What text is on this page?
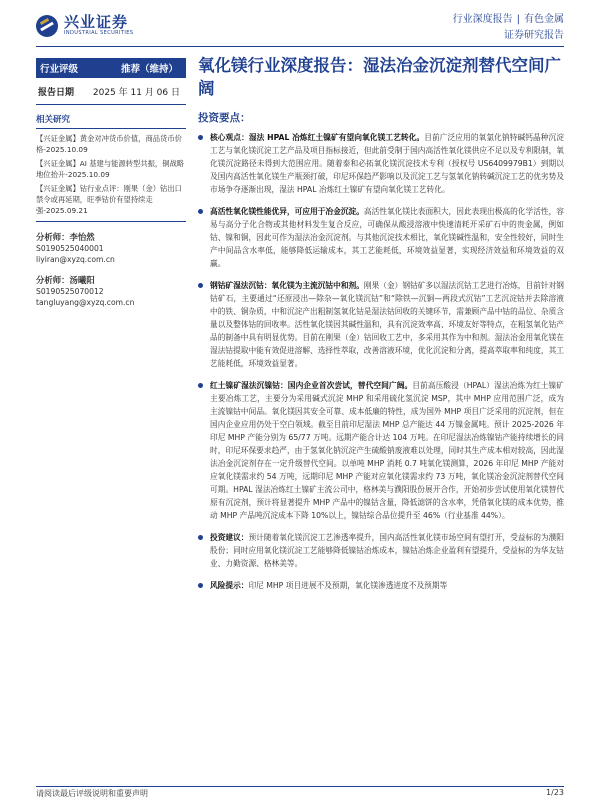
兴业证券
INDUSTRIAL SECURITIES
行业深度报告 | 有色金属
证券研究报告
行业评级	推荐（维持）
报告日期	2025 年 11 月 06 日
相关研究
【兴证金属】黄金对冲货币价值，商品货币价格-2025.10.09
【兴证金属】AI 基建与能源转型共振，铜战略地位抬升-2025.10.09
【兴证金属】钴行业点评：刚果（金）钴出口禁令或再延期，旺季钴价有望持续走强-2025.09.21
分析师：李怡然
S0190525040001
liyiran@xyzq.com.cn
分析师：汤曦阳
S0190525070012
tangluyang@xyzq.com.cn
氧化镁行业深度报告：湿法冶金沉淀剂替代空间广阔
投资要点：
核心观点：湿法 HPAL 冶炼红土镍矿有望向氧化镁工艺转化。目前广泛应用的氧氯化钠特碱钙晶种沉淀工艺与氧化镁沉淀工艺产品及项目指标接近，但此前受制于国内高活性氧化镁供应不足以及专利限制，氧化镁沉淀路径未得到大范围应用。随着泰和必拓氧化镁沉淀技术专利（授权号 US6409979B1）到期以及国内高活性氧化镁生产瓶颈打破，印尼环保趋严影响以及沉淀工艺与氢氧化钠转碱沉淀工艺的优劣势及市场争夺逐渐出现，湿法 HPAL 冶炼红土镍矿有望向氧化镁工艺转化。
高活性氧化镁性能优异，可应用于冶金沉淀。高活性氧化镁比表面积大，因此表现出极高的化学活性，容易与高分子化合物或其他材料发生复合反应，可确保从酸浸溶液中快速清耗开采矿石中的贵金属，例如钴、镍和铜，因此可作为湿法冶金沉淀剂。与其他沉淀技术相比，氧化镁碱性温和，安全性较好，同时生产中间品含水率低，能够降低运输成本，其工艺能耗低，环境效益显著，实现经济效益和环境效益的双赢。
钢钴矿湿法沉钴：氧化镁为主流沉钴中和剂。刚果（金）钢钴矿多以湿法沉钴工艺进行冶炼，目前针对钢钴矿石，主要通过“还原浸出—除杂—氧化镁沉钴”和“除铁—沉铜—两段式沉钴”工艺沉淀钴并去除溶液中的铁、铜杂质，中和沉淀产出粗制氢氧化钴是湿法钴回收的关键环节，需兼顾产品中钴的品位、杂质含量以及整体钴的回收率。活性氧化镁因其碱性温和，具有沉淀效率高、环境友好等特点，在粗氢氧化钴产品的制备中具有明显优势。目前在刚果（金）钴回收工艺中，多采用其作为中和剂。湿法冶金用氧化镁在湿法钴提取中能有效促进溶解、选择性萃取，改善溶液环境，优化沉淀和分离，提高萃取率和纯度，其工艺能耗低，环境效益显著。
红土镍矿湿法沉镍钴：国内企业首次尝试，替代空间广阔。目前高压酸浸（HPAL）湿法冶炼为红土镍矿主要冶炼工艺，主要分为采用碱式沉淀 MHP 和采用硫化氢沉淀 MSP，其中 MHP 应用范围广泛，成为主流镍钴中间品。氧化镁因其安全可靠、成本低廉的特性，成为国外 MHP 项目广泛采用的沉淀剂，但在国内企业应用仍处于空白领域。截至目前印尼湿法 MHP 总产能达 44 万镍金属吨。预计 2025-2026 年印尼 MHP 产能分别为 65/77 万吨。远期产能合计达 104 万吨。在印尼湿法冶炼镍钴产能持续增长的同时，印尼环保要求趋严，由于氢氧化钠沉淀产生硫酸钠废液难以处理，同时其生产成本相对较高，因此湿法冶金沉淀剂存在一定升级替代空间。以单吨 MHP 消耗 0.7 吨氧化镁测算，2026 年印尼 MHP 产能对应氧化镁需求约 54 万吨，远期印尼 MHP 产能对应氧化镁需求约 73 万吨，氧化镁冶金沉淀剂替代空间可期。HPAL 湿法冶炼红土镍矿主流公司中，格林美与濮阳股份展开合作，开始初步尝试使用氧化镁替代原有沉淀剂，预计将显著提升 MHP 产品中的镍钴含量，降低滤饼的含水率，凭借氧化镁的成本优势，推动 MHP 产品吨沉淀成本下降 10%以上，镍钴综合品位提升至 46%（行业基准 44%）。
投资建议：预计随着氧化镁沉淀工艺渗透率提升，国内高活性氧化镁市场空间有望打开，受益标的为濮阳股份；同时应用氧化镁沉淀工艺能够降低镍钴冶炼成本，镍钴冶炼企业盈利有望提升，受益标的为华友钴业、力勤资源、格林美等。
风险提示：印尼 MHP 项目进展不及预期，氧化镁渗透进度不及预期等
请阅读最后评级说明和重要声明	1/23
